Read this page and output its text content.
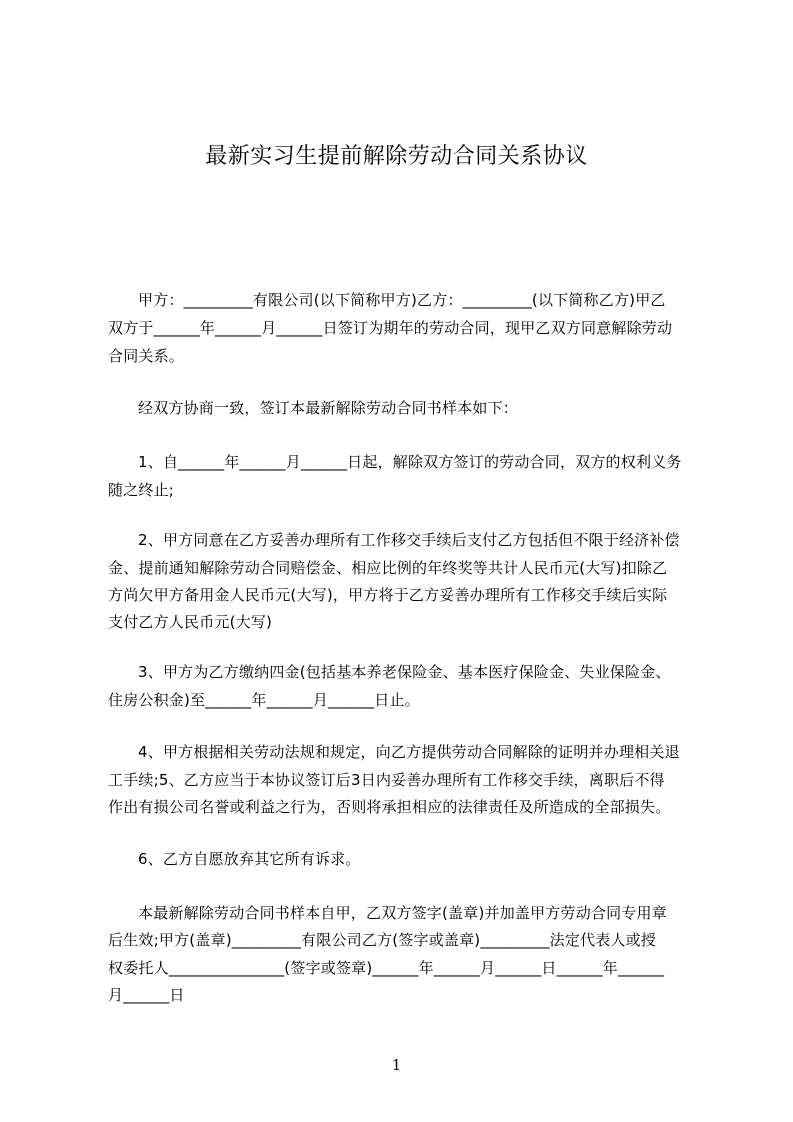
最新实习生提前解除劳动合同关系协议
甲方：_________有限公司(以下简称甲方)乙方：_________(以下简称乙方)甲乙
双方于______年______月______日签订为期年的劳动合同，现甲乙双方同意解除劳动
合同关系。
经双方协商一致，签订本最新解除劳动合同书样本如下：
1、自______年______月______日起，解除双方签订的劳动合同，双方的权利义务
随之终止;
2、甲方同意在乙方妥善办理所有工作移交手续后支付乙方包括但不限于经济补偿
金、提前通知解除劳动合同赔偿金、相应比例的年终奖等共计人民币元(大写)扣除乙
方尚欠甲方备用金人民币元(大写)，甲方将于乙方妥善办理所有工作移交手续后实际
支付乙方人民币元(大写)
3、甲方为乙方缴纳四金(包括基本养老保险金、基本医疗保险金、失业保险金、
住房公积金)至______年______月______日止。
4、甲方根据相关劳动法规和规定，向乙方提供劳动合同解除的证明并办理相关退
工手续;5、乙方应当于本协议签订后3日内妥善办理所有工作移交手续，离职后不得
作出有损公司名誉或利益之行为，否则将承担相应的法律责任及所造成的全部损失。
6、乙方自愿放弃其它所有诉求。
本最新解除劳动合同书样本自甲，乙双方签字(盖章)并加盖甲方劳动合同专用章
后生效;甲方(盖章)_________有限公司乙方(签字或盖章)_________法定代表人或授
权委托人_______________(签字或签章)______年______月______日______年______
月______日
1
